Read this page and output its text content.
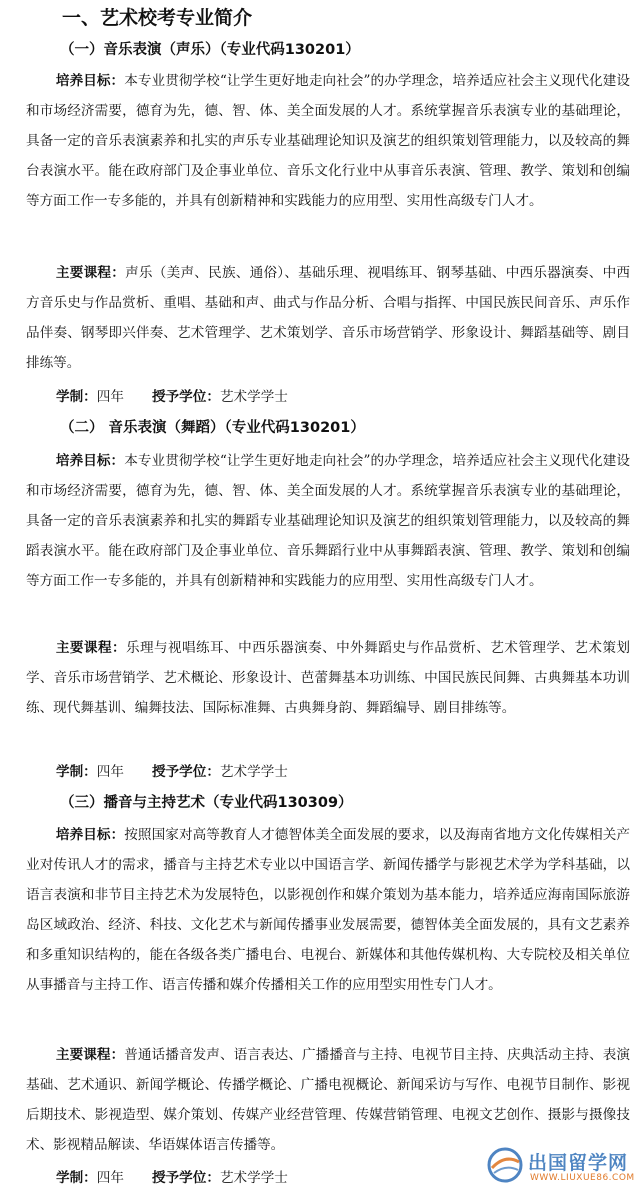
一、艺术校考专业简介
（一）音乐表演（声乐）（专业代码130201）
培养目标：本专业贯彻学校“让学生更好地走向社会”的办学理念，培养适应社会主义现代化建设和市场经济需要，德育为先，德、智、体、美全面发展的人才。系统掌握音乐表演专业的基础理论，具备一定的音乐表演素养和扎实的声乐专业基础理论知识及演艺的组织策划管理能力，以及较高的舞台表演水平。能在政府部门及企事业单位、音乐文化行业中从事音乐表演、管理、教学、策划和创编等方面工作一专多能的，并具有创新精神和实践能力的应用型、实用性高级专门人才。
主要课程：声乐（美声、民族、通俗）、基础乐理、视唱练耳、钢琴基础、中西乐器演奏、中西方音乐史与作品赏析、重唱、基础和声、曲式与作品分析、合唱与指挥、中国民族民间音乐、声乐作品伴奏、钢琴即兴伴奏、艺术管理学、艺术策划学、音乐市场营销学、形象设计、舞蹈基础等、剧目排练等。
学制：四年 授予学位：艺术学学士
（二） 音乐表演（舞蹈）（专业代码130201）
培养目标：本专业贯彻学校“让学生更好地走向社会”的办学理念，培养适应社会主义现代化建设和市场经济需要，德育为先，德、智、体、美全面发展的人才。系统掌握音乐表演专业的基础理论，具备一定的音乐表演素养和扎实的舞蹈专业基础理论知识及演艺的组织策划管理能力，以及较高的舞蹈表演水平。能在政府部门及企事业单位、音乐舞蹈行业中从事舞蹈表演、管理、教学、策划和创编等方面工作一专多能的，并具有创新精神和实践能力的应用型、实用性高级专门人才。
主要课程：乐理与视唱练耳、中西乐器演奏、中外舞蹈史与作品赏析、艺术管理学、艺术策划学、音乐市场营销学、艺术概论、形象设计、芭蕾舞基本功训练、中国民族民间舞、古典舞基本功训练、现代舞基训、编舞技法、国际标准舞、古典舞身韵、舞蹈编导、剧目排练等。
学制：四年 授予学位：艺术学学士
（三）播音与主持艺术（专业代码130309）
培养目标：按照国家对高等教育人才德智体美全面发展的要求，以及海南省地方文化传媒相关产业对传讯人才的需求，播音与主持艺术专业以中国语言学、新闻传播学与影视艺术学为学科基础，以语言表演和非节目主持艺术为发展特色，以影视创作和媒介策划为基本能力，培养适应海南国际旅游岛区域政治、经济、科技、文化艺术与新闻传播事业发展需要，德智体美全面发展的，具有文艺素养和多重知识结构的，能在各级各类广播电台、电视台、新媒体和其他传媒机构、大专院校及相关单位从事播音与主持工作、语言传播和媒介传播相关工作的应用型实用性专门人才。
主要课程：普通话播音发声、语言表达、广播播音与主持、电视节目主持、庆典活动主持、表演基础、艺术通识、新闻学概论、传播学概论、广播电视概论、新闻采访与写作、电视节目制作、影视后期技术、影视造型、媒介策划、传媒产业经营管理、传媒营销管理、电视文艺创作、摄影与摄像技术、影视精品解读、华语媒体语言传播等。
学制：四年 授予学位：艺术学学士
出国留学网
WWW.LIUXUE86.COM
